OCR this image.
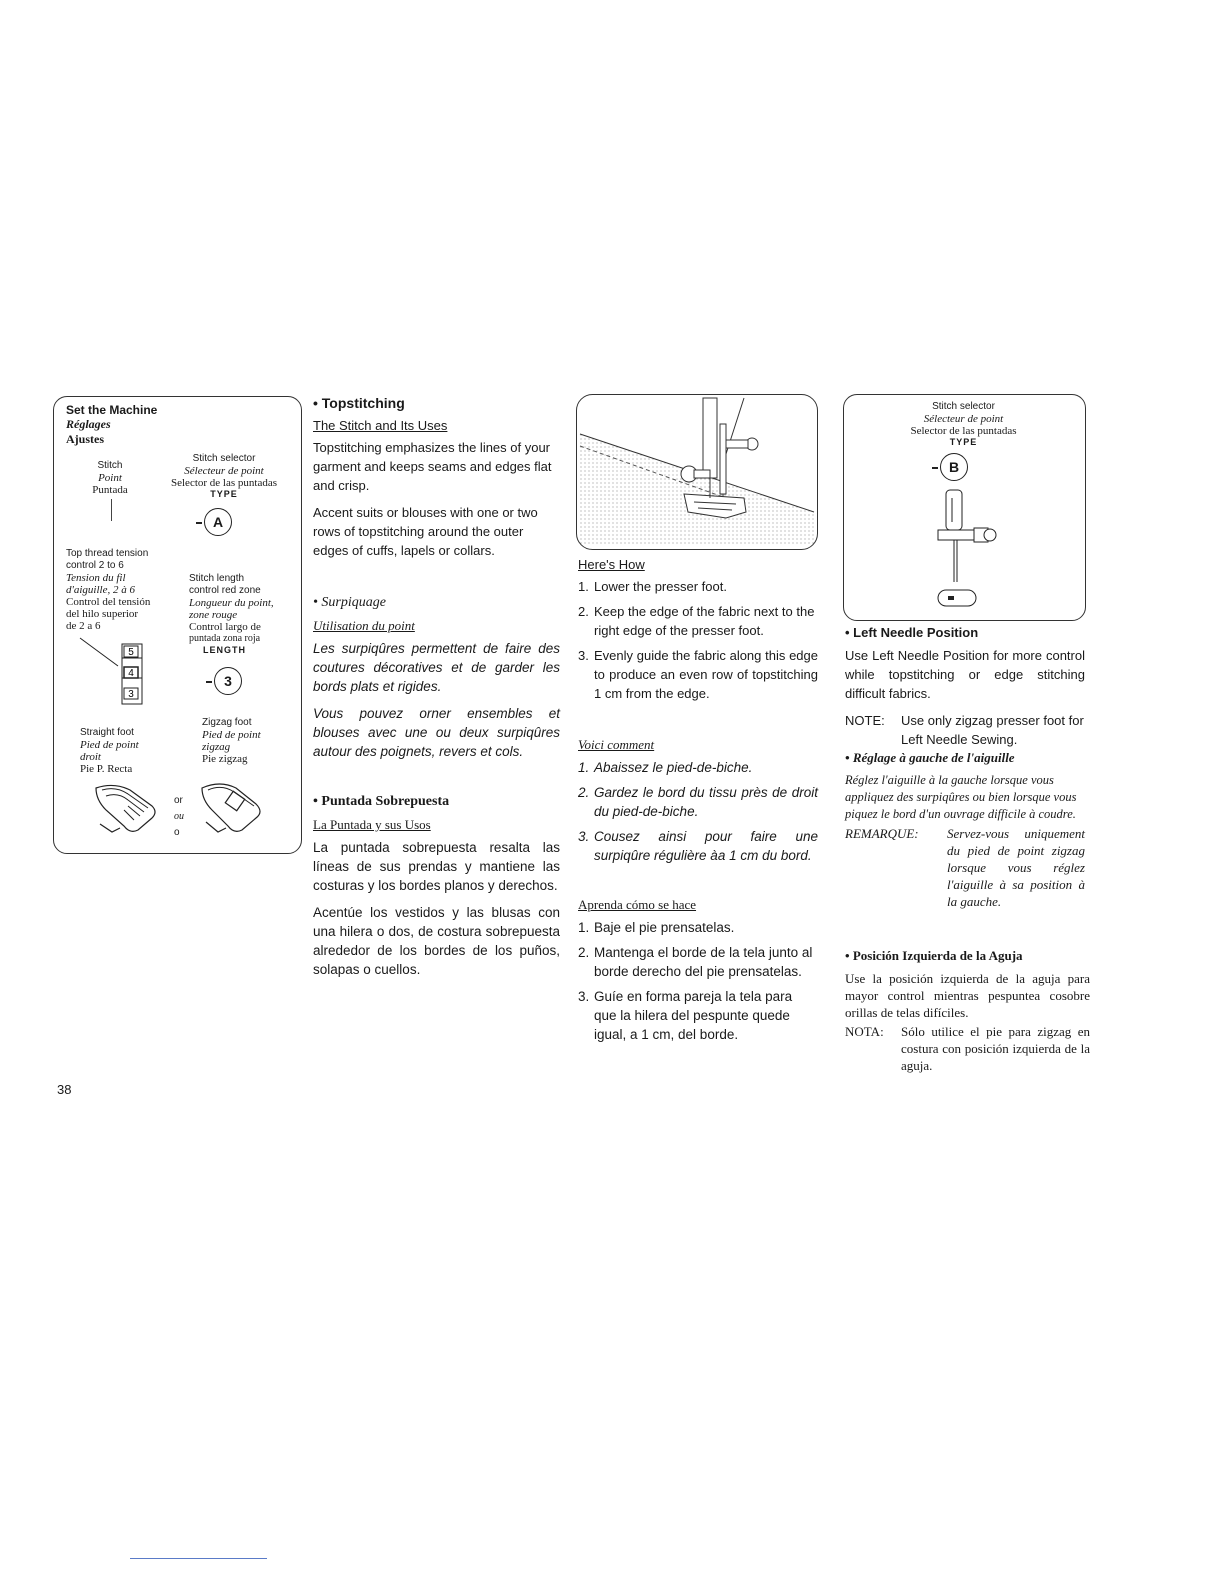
Set the Machine
Réglages
Ajustes
Stitch
Point
Puntada
Stitch selector
Sélecteur de point
Selector de las puntadas
TYPE
A
Top thread tension
control 2 to 6
Tension du fil
d'aiguille, 2 à 6
Control del tensión
del hilo superior
de 2 a 6
5
4
3
Stitch length
control red zone
Longueur du point,
zone rouge
Control largo de
puntada zona roja
LENGTH
3
Straight foot
Pied de point
droit
Pie P. Recta
Zigzag foot
Pied de point
zigzag
Pie zigzag
or
ou
o
• Topstitching
The Stitch and Its Uses

Topstitching emphasizes the lines of your garment and keeps seams and edges flat and crisp.

Accent suits or blouses with one or two rows of topstitching around the outer edges of cuffs, lapels or collars.

• Surpiquage
Utilisation du point

Les surpiqûres permettent de faire des coutures décoratives et de garder les bords plats et rigides.

Vous pouvez orner ensembles et blouses avec une ou deux surpiqûres autour des poignets, revers et cols.

• Puntada Sobrepuesta
La Puntada y sus Usos

La puntada sobrepuesta resalta las líneas de sus prendas y mantiene las costuras y los bordes planos y derechos.

Acentúe los vestidos y las blusas con una hilera o dos, de costura sobrepuesta alrededor de los bordes de los puños, solapas o cuellos.

Here's How
1. Lower the presser foot.
2. Keep the edge of the fabric next to the right edge of the presser foot.
3. Evenly guide the fabric along this edge to produce an even row of topstitching 1 cm from the edge.
Voici comment
1. Abaissez le pied-de-biche.
2. Gardez le bord du tissu près de droit du pied-de-biche.
3. Cousez ainsi pour faire une surpiqûre régulière àa 1 cm du bord.
Aprenda cómo se hace
1. Baje el pie prensatelas.
2. Mantenga el borde de la tela junto al borde derecho del pie prensatelas.
3. Guíe en forma pareja la tela para que la hilera del pespunte quede igual, a 1 cm, del borde.
Stitch selector
Sélecteur de point
Selector de las puntadas
TYPE
B
• Left Needle Position

Use Left Needle Position for more control while topstitching or edge stitching difficult fabrics.

NOTE:	Use only zigzag presser foot for Left Needle Sewing.
• Réglage à gauche de l'aiguille

Réglez l'aiguille à la gauche lorsque vous appliquez des surpiqûres ou bien lorsque vous piquez le bord d'un ouvrage difficile à coudre.

REMARQUE:	Servez-vous uniquement du pied de point zigzag lorsque vous réglez l'aiguille à sa position à la gauche.
• Posición Izquierda de la Aguja

Use la posición izquierda de la aguja para mayor control mientras pespuntea cosobre orillas de telas difíciles.

NOTA:	Sólo utilice el pie para zigzag en costura con posición izquierda de la aguja.
38
